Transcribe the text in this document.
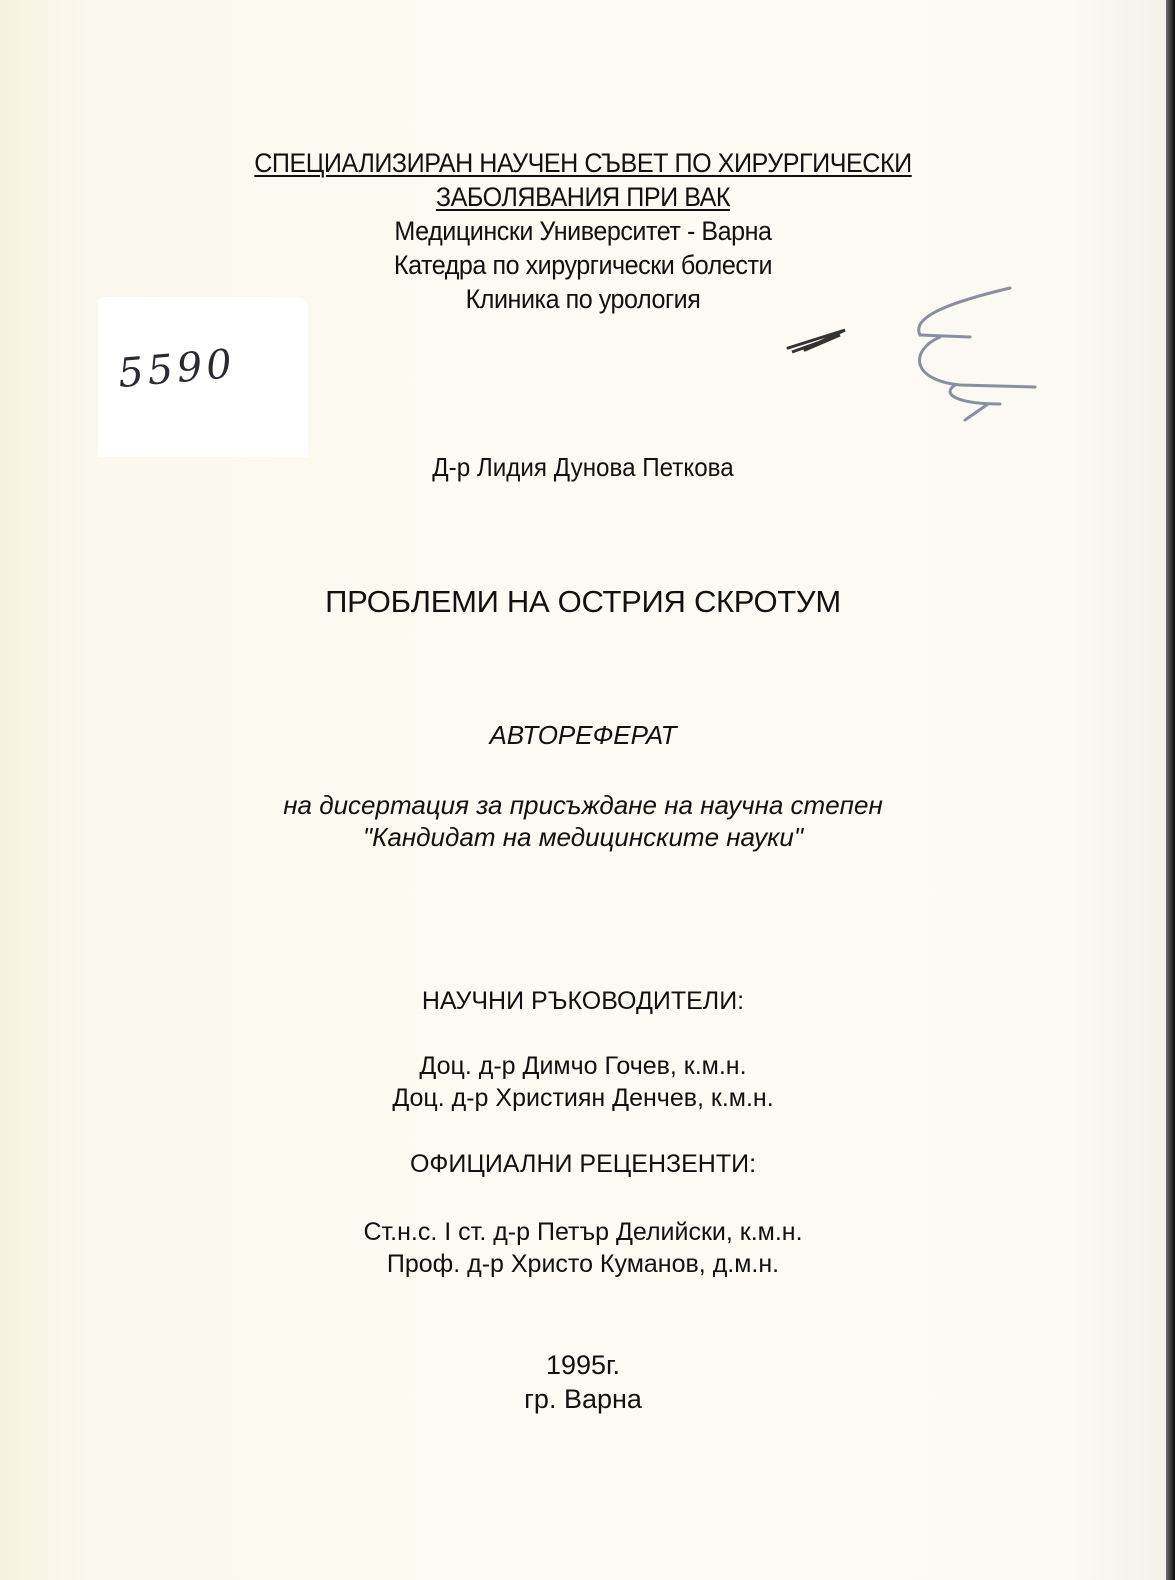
5590
СПЕЦИАЛИЗИРАН НАУЧЕН СЪВЕТ ПО ХИРУРГИЧЕСКИ
ЗАБОЛЯВАНИЯ ПРИ ВАК
Медицински Университет - Варна
Катедра по хирургически болести
Клиника по урология
Д-р Лидия Дунова Петкова
ПРОБЛЕМИ НА ОСТРИЯ СКРОТУМ
АВТОРЕФЕРАТ
на дисертация за присъждане на научна степен
"Кандидат на медицинските науки"
НАУЧНИ РЪКОВОДИТЕЛИ:
Доц. д-р Димчо Гочев, к.м.н.
Доц. д-р Християн Денчев, к.м.н.
ОФИЦИАЛНИ РЕЦЕНЗЕНТИ:
Ст.н.с. I ст. д-р Петър Делийски, к.м.н.
Проф. д-р Христо Куманов, д.м.н.
1995г.
гр. Варна
